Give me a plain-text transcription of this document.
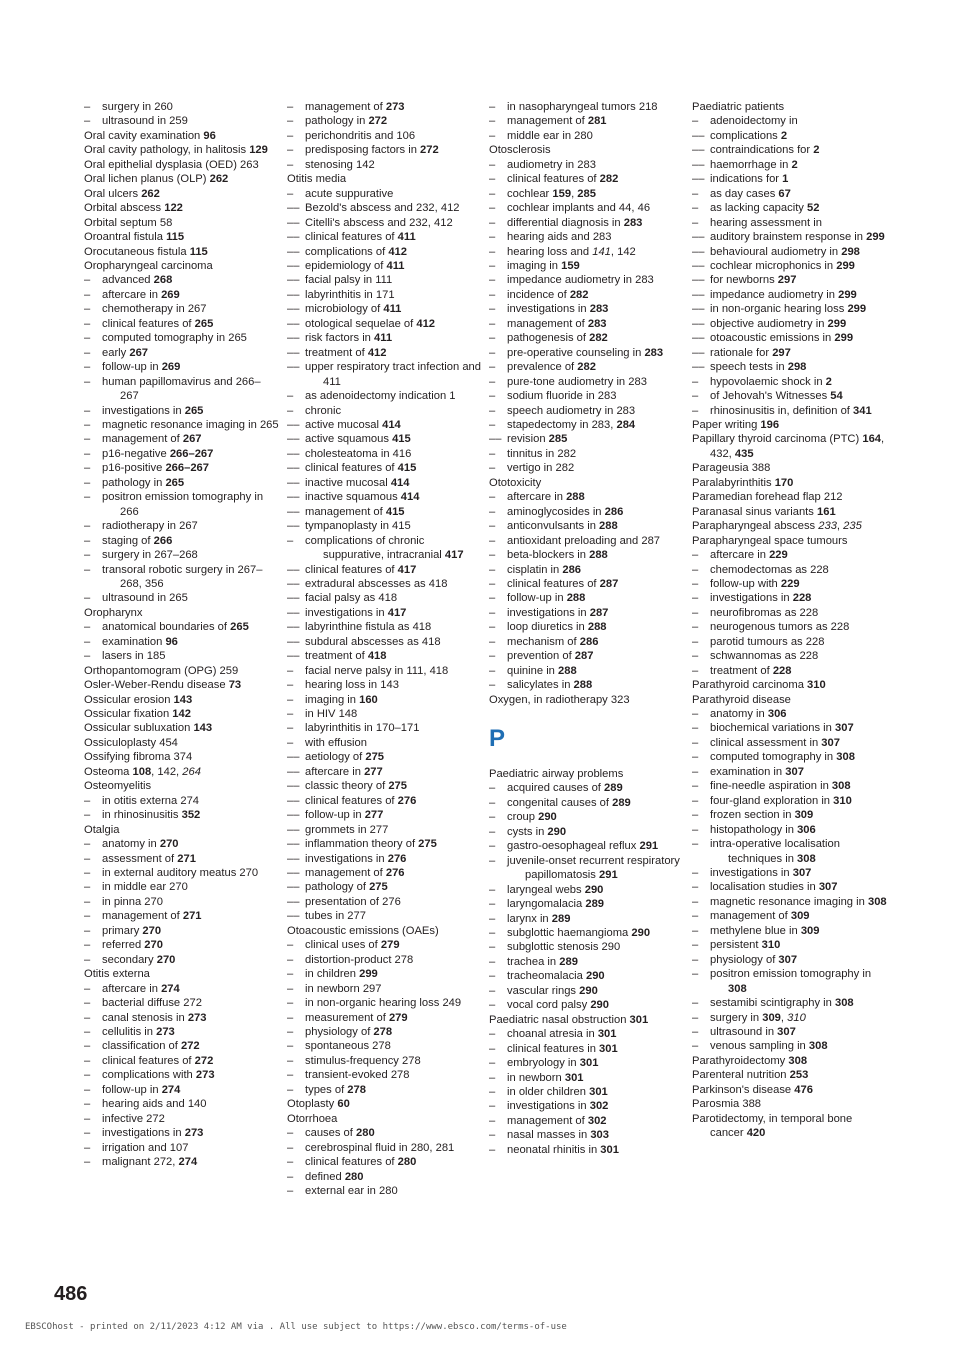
– surgery in 260
– ultrasound in 259
Oral cavity examination 96
Oral cavity pathology, in halitosis 129
Oral epithelial dysplasia (OED) 263
Oral lichen planus (OLP) 262
Oral ulcers 262
Orbital abscess 122
Orbital septum 58
Oroantral fistula 115
Orocutaneous fistula 115
Oropharyngeal carcinoma
– advanced 268
– aftercare in 269
– chemotherapy in 267
– clinical features of 265
– computed tomography in 265
– early 267
– follow-up in 269
– human papillomavirus and 266–267
– investigations in 265
– magnetic resonance imaging in 265
– management of 267
– p16-negative 266–267
– p16-positive 266–267
– pathology in 265
– positron emission tomography in 266
– radiotherapy in 267
– staging of 266
– surgery in 267–268
– transoral robotic surgery in 267–268, 356
– ultrasound in 265
Oropharynx
– anatomical boundaries of 265
– examination 96
– lasers in 185
Orthopantomogram (OPG) 259
Osler-Weber-Rendu disease 73
Ossicular erosion 143
Ossicular fixation 142
Ossicular subluxation 143
Ossiculoplasty 454
Ossifying fibroma 374
Osteoma 108, 142, 264
Osteomyelitis
– in otitis externa 274
– in rhinosinusitis 352
Otalgia
– anatomy in 270
– assessment of 271
– in external auditory meatus 270
– in middle ear 270
– in pinna 270
– management of 271
– primary 270
– referred 270
– secondary 270
Otitis externa
– aftercare in 274
– bacterial diffuse 272
– canal stenosis in 273
– cellulitis in 273
– classification of 272
– clinical features of 272
– complications with 273
– follow-up in 274
– hearing aids and 140
– infective 272
– investigations in 273
– irrigation and 107
– malignant 272, 274
– management of 273
– pathology in 272
– perichondritis and 106
– predisposing factors in 272
– stenosing 142
Otitis media
– acute suppurative
–– Bezold's abscess and 232, 412
–– Citelli's abscess and 232, 412
–– clinical features of 411
–– complications of 412
–– epidemiology of 411
–– facial palsy in 111
–– labyrinthitis in 171
–– microbiology of 411
–– otological sequelae of 412
–– risk factors in 411
–– treatment of 412
–– upper respiratory tract infection and 411
– as adenoidectomy indication 1
– chronic
–– active mucosal 414
–– active squamous 415
–– cholesteatoma in 416
–– clinical features of 415
–– inactive mucosal 414
–– inactive squamous 414
–– management of 415
–– tympanoplasty in 415
– complications of chronic suppurative, intracranial 417
–– clinical features of 417
–– extradural abscesses as 418
–– facial palsy as 418
–– investigations in 417
–– labyrinthine fistula as 418
–– subdural abscesses as 418
–– treatment of 418
– facial nerve palsy in 111, 418
– hearing loss in 143
– imaging in 160
– in HIV 148
– labyrinthitis in 170–171
– with effusion
–– aetiology of 275
–– aftercare in 277
–– classic theory of 275
–– clinical features of 276
–– follow-up in 277
–– grommets in 277
–– inflammation theory of 275
–– investigations in 276
–– management of 276
–– pathology of 275
–– presentation of 276
–– tubes in 277
Otoacoustic emissions (OAEs)
– clinical uses of 279
– distortion-product 278
– in children 299
– in newborn 297
– in non-organic hearing loss 249
– measurement of 279
– physiology of 278
– spontaneous 278
– stimulus-frequency 278
– transient-evoked 278
– types of 278
Otoplasty 60
Otorrhoea
– causes of 280
– cerebrospinal fluid in 280, 281
– clinical features of 280
– defined 280
– external ear in 280
– in nasopharyngeal tumors 218
– management of 281
– middle ear in 280
Otosclerosis
– audiometry in 283
– clinical features of 282
– cochlear 159, 285
– cochlear implants and 44, 46
– differential diagnosis in 283
– hearing aids and 283
– hearing loss and 141, 142
– imaging in 159
– impedance audiometry in 283
– incidence of 282
– investigations in 283
– management of 283
– pathogenesis of 282
– pre-operative counseling in 283
– prevalence of 282
– pure-tone audiometry in 283
– sodium fluoride in 283
– speech audiometry in 283
– stapedectomy in 283, 284
–– revision 285
– tinnitus in 282
– vertigo in 282
Ototoxicity
– aftercare in 288
– aminoglycosides in 286
– anticonvulsants in 288
– antioxidant preloading and 287
– beta-blockers in 288
– cisplatin in 286
– clinical features of 287
– follow-up in 288
– investigations in 287
– loop diuretics in 288
– mechanism of 286
– prevention of 287
– quinine in 288
– salicylates in 288
Oxygen, in radiotherapy 323
P
Paediatric airway problems
– acquired causes of 289
– congenital causes of 289
– croup 290
– cysts in 290
– gastro-oesophageal reflux 291
– juvenile-onset recurrent respiratory papillomatosis 291
– laryngeal webs 290
– laryngomalacia 289
– larynx in 289
– subglottic haemangioma 290
– subglottic stenosis 290
– trachea in 289
– tracheomalacia 290
– vascular rings 290
– vocal cord palsy 290
Paediatric nasal obstruction 301
– choanal atresia in 301
– clinical features in 301
– embryology in 301
– in newborn 301
– in older children 301
– investigations in 302
– management of 302
– nasal masses in 303
– neonatal rhinitis in 301
Paediatric patients
– adenoidectomy in
–– complications 2
–– contraindications for 2
–– haemorrhage in 2
–– indications for 1
– as day cases 67
– as lacking capacity 52
– hearing assessment in
–– auditory brainstem response in 299
–– behavioural audiometry in 298
–– cochlear microphonics in 299
–– for newborns 297
–– impedance audiometry in 299
–– in non-organic hearing loss 299
–– objective audiometry in 299
–– otoacoustic emissions in 299
–– rationale for 297
–– speech tests in 298
– hypovolaemic shock in 2
– of Jehovah's Witnesses 54
– rhinosinusitis in, definition of 341
Paper writing 196
Papillary thyroid carcinoma (PTC) 164, 432, 435
Parageusia 388
Paralabyrinthitis 170
Paramedian forehead flap 212
Paranasal sinus variants 161
Parapharyngeal abscess 233, 235
Parapharyngeal space tumours
– aftercare in 229
– chemodectomas as 228
– follow-up with 229
– investigations in 228
– neurofibromas as 228
– neurogenous tumors as 228
– parotid tumours as 228
– schwannomas as 228
– treatment of 228
Parathyroid carcinoma 310
Parathyroid disease
– anatomy in 306
– biochemical variations in 307
– clinical assessment in 307
– computed tomography in 308
– examination in 307
– fine-needle aspiration in 308
– four-gland exploration in 310
– frozen section in 309
– histopathology in 306
– intra-operative localisation techniques in 308
– investigations in 307
– localisation studies in 307
– magnetic resonance imaging in 308
– management of 309
– methylene blue in 309
– persistent 310
– physiology of 307
– positron emission tomography in 308
– sestamibi scintigraphy in 308
– surgery in 309, 310
– ultrasound in 307
– venous sampling in 308
Parathyroidectomy 308
Parenteral nutrition 253
Parkinson's disease 476
Parosmia 388
Parotidectomy, in temporal bone cancer 420
486
EBSCOhost - printed on 2/11/2023 4:12 AM via . All use subject to https://www.ebsco.com/terms-of-use
